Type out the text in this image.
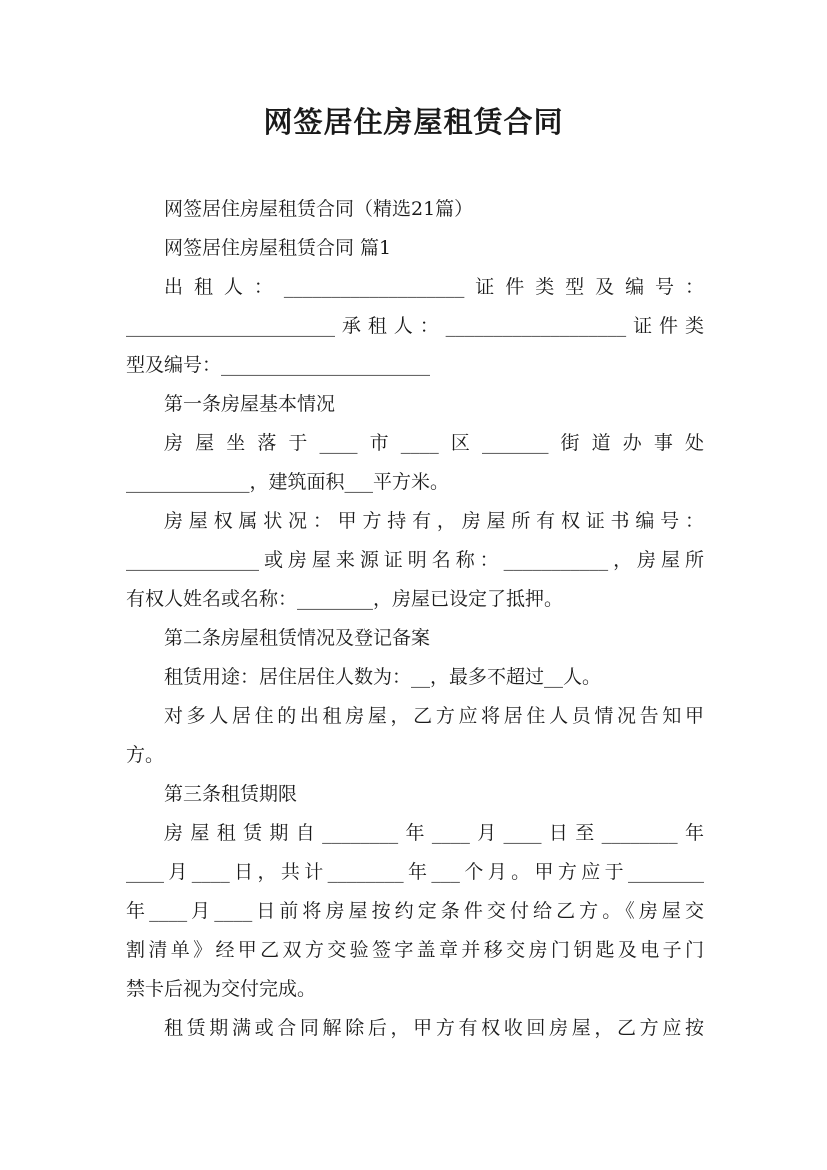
网签居住房屋租赁合同
网签居住房屋租赁合同（精选21篇）
网签居住房屋租赁合同 篇1
出租人：___________________证件类型及编号：
______________________承租人：___________________证件类
型及编号：______________________
第一条房屋基本情况
房屋坐落于____市____区_______街道办事处
_____________，建筑面积___平方米。
房屋权属状况：甲方持有，房屋所有权证书编号：
______________或房屋来源证明名称：___________，房屋所
有权人姓名或名称：________，房屋已设定了抵押。
第二条房屋租赁情况及登记备案
租赁用途：居住居住人数为：__，最多不超过__人。
对多人居住的出租房屋，乙方应将居住人员情况告知甲
方。
第三条租赁期限
房屋租赁期自________年____月____日至________年
____月____日，共计________年___个月。甲方应于________
年____月____日前将房屋按约定条件交付给乙方。《房屋交
割清单》经甲乙双方交验签字盖章并移交房门钥匙及电子门
禁卡后视为交付完成。
租赁期满或合同解除后，甲方有权收回房屋，乙方应按
